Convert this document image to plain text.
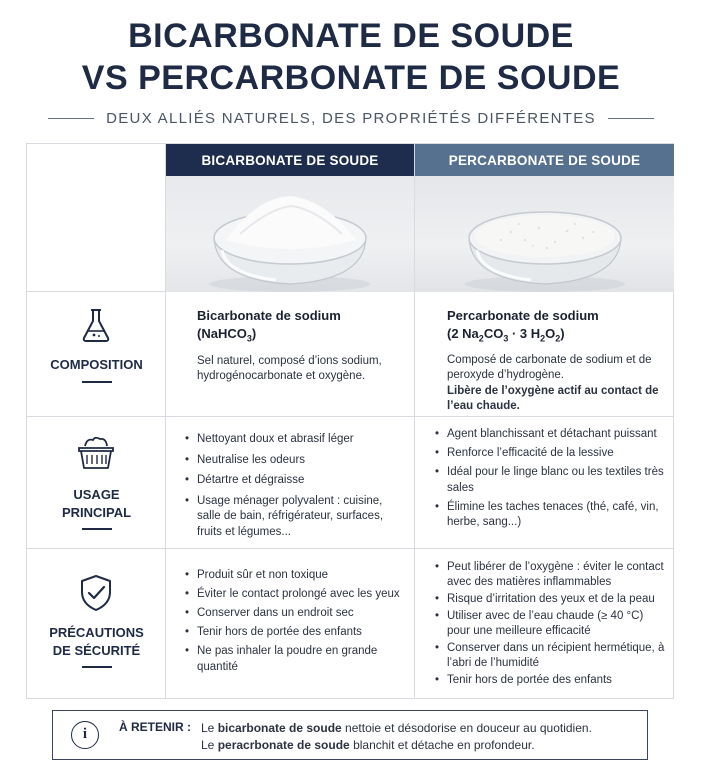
BICARBONATE DE SOUDE
VS PERCARBONATE DE SOUDE
DEUX ALLIÉS NATURELS, DES PROPRIÉTÉS DIFFÉRENTES
BICARBONATE DE SOUDE	PERCARBONATE DE SOUDE
COMPOSITION
Bicarbonate de sodium
(NaHCO$_3$)

Sel naturel, composé d’ions sodium, hydrogénocarbonate et oxygène.

Percarbonate de sodium
(2 $Na_2CO_3 \cdot 3$ $H_2O_2$)

Composé de carbonate de sodium et de peroxyde d’hydrogène.

Libère de l’oxygène actif au contact de l’eau chaude.

USAGE
PRINCIPAL
• Nettoyant doux et abrasif léger
• Neutralise les odeurs
• Détartre et dégraisse
• Usage ménager polyvalent : cuisine, salle de bain, réfrigérateur, surfaces, fruits et légumes...
• Agent blanchissant et détachant puissant
• Renforce l’efficacité de la lessive
• Idéal pour le linge blanc ou les textiles très sales
• Élimine les taches tenaces (thé, café, vin, herbe, sang...)
PRÉCAUTIONS
DE SÉCURITÉ
• Produit sûr et non toxique
• Éviter le contact prolongé avec les yeux
• Conserver dans un endroit sec
• Tenir hors de portée des enfants
• Ne pas inhaler la poudre en grande quantité
• Peut libérer de l’oxygène : éviter le contact avec des matières inflammables
• Risque d’irritation des yeux et de la peau
• Utiliser avec de l’eau chaude (≥ 40 °C) pour une meilleure efficacité
• Conserver dans un récipient hermétique, à l’abri de l’humidité
• Tenir hors de portée des enfants
i	À RETENIR : Le bicarbonate de soude nettoie et désodorise en douceur au quotidien.
Le peracrbonate de soude blanchit et détache en profondeur.
